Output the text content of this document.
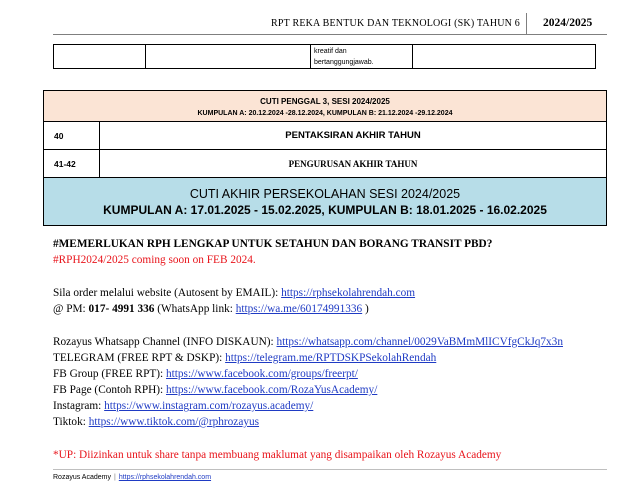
RPT REKA BENTUK DAN TEKNOLOGI (SK) TAHUN 6 2024/2025

kreatif dan
bertanggungjawab.

CUTI PENGGAL 3, SESI 2024/2025
KUMPULAN A: 20.12.2024 -28.12.2024, KUMPULAN B: 21.12.2024 -29.12.2024	

40	PENTAKSIRAN AKHIR TAHUN
41-42	PENGURUSAN AKHIR TAHUN

CUTI AKHIR PERSEKOLAHAN SESI 2024/2025
KUMPULAN A: 17.01.2025 - 15.02.2025, KUMPULAN B: 18.01.2025 - 16.02.2025	

#MEMERLUKAN RPH LENGKAP UNTUK SETAHUN DAN BORANG TRANSIT PBD?

#RPH2024/2025 coming soon on FEB 2024.

Sila order melalui website (Autosent by EMAIL): https://rphsekolahrendah.com

@ PM: 017- 4991 336 (WhatsApp link: https://wa.me/60174991336 )

Rozayus Whatsapp Channel (INFO DISKAUN): https://whatsapp.com/channel/0029VaBMmMlICVfgCkJq7x3n

TELEGRAM (FREE RPT & DSKP): https://telegram.me/RPTDSKPSekolahRendah

FB Group (FREE RPT): https://www.facebook.com/groups/freerpt/

FB Page (Contoh RPH): https://www.facebook.com/RozaYusAcademy/

Instagram: https://www.instagram.com/rozayus.academy/

Tiktok: https://www.tiktok.com/@rphrozayus

*UP: Diizinkan untuk share tanpa membuang maklumat yang disampaikan oleh Rozayus Academy

Rozayus Academy | https://rphsekolahrendah.com
